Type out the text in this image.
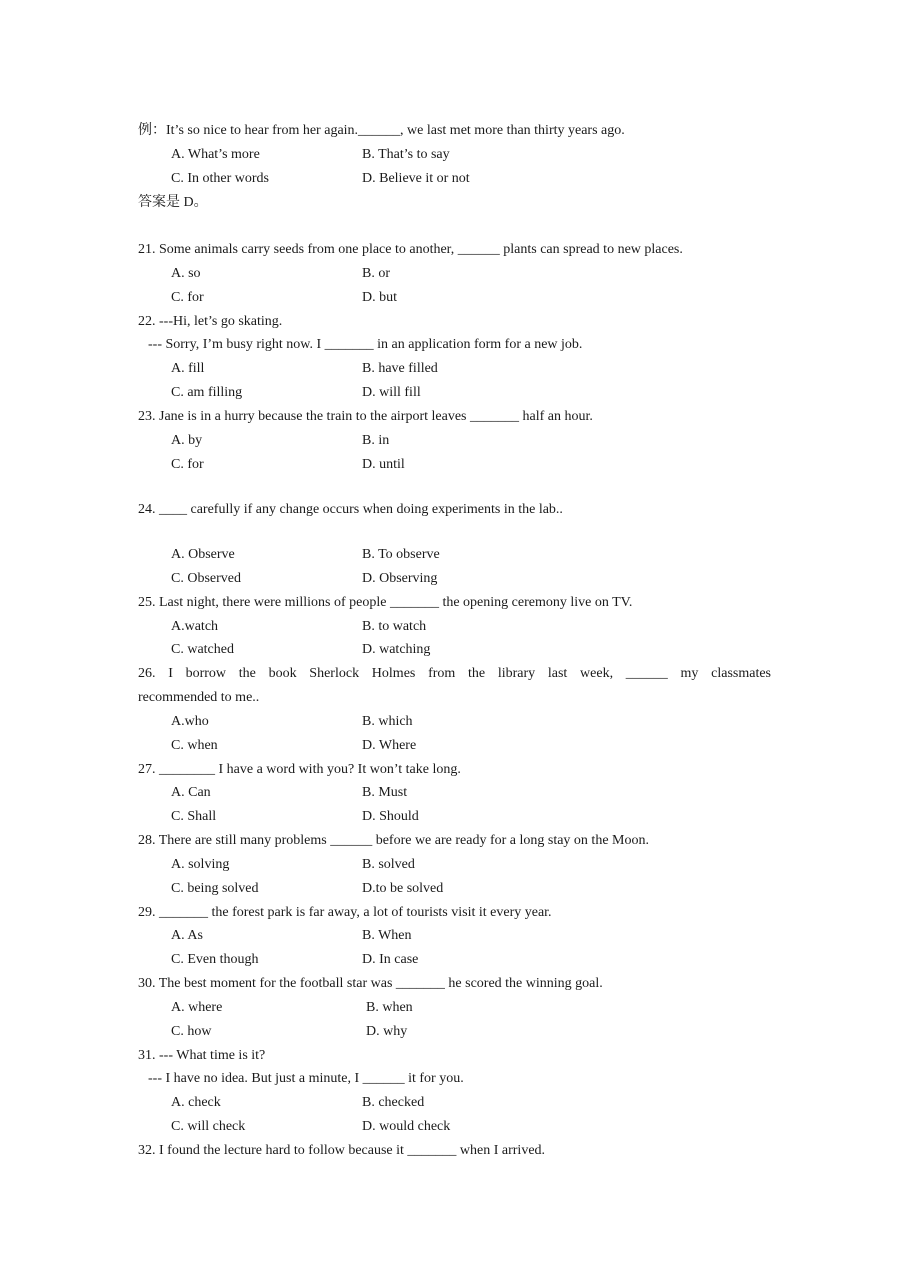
例：It’s so nice to hear from her again.______, we last met more than thirty years ago.
A. What’s more	B. That’s to say
C. In other words	D. Believe it or not
答案是 D。
21. Some animals carry seeds from one place to another, ______ plants can spread to new places.
A. so	B. or
C. for	D. but
22. ---Hi, let’s go skating.
--- Sorry, I’m busy right now. I _______ in an application form for a new job.
A. fill	B. have filled
C. am filling	D. will fill
23. Jane is in a hurry because the train to the airport leaves _______ half an hour.
A. by	B. in
C. for	D. until
24. ____ carefully if any change occurs when doing experiments in the lab..
A. Observe	B. To observe
C. Observed	D. Observing
25. Last night, there were millions of people _______ the opening ceremony live on TV.
A.watch	B. to watch
C. watched	D. watching
26. I borrow the book Sherlock Holmes from the library last week, ______ my classmates
recommended to me..
A.who	B. which
C. when	D. Where
27. ________ I have a word with you? It won’t take long.
A. Can	B. Must
C. Shall	D. Should
28. There are still many problems ______ before we are ready for a long stay on the Moon.
A. solving	B. solved
C. being solved	D.to be solved
29. _______ the forest park is far away, a lot of tourists visit it every year.
A. As	B. When
C. Even though	D. In case
30. The best moment for the football star was _______ he scored the winning goal.
A. where	B. when
C. how	D. why
31. --- What time is it?
--- I have no idea. But just a minute, I ______ it for you.
A. check	B. checked
C. will check	D. would check
32. I found the lecture hard to follow because it _______ when I arrived.
